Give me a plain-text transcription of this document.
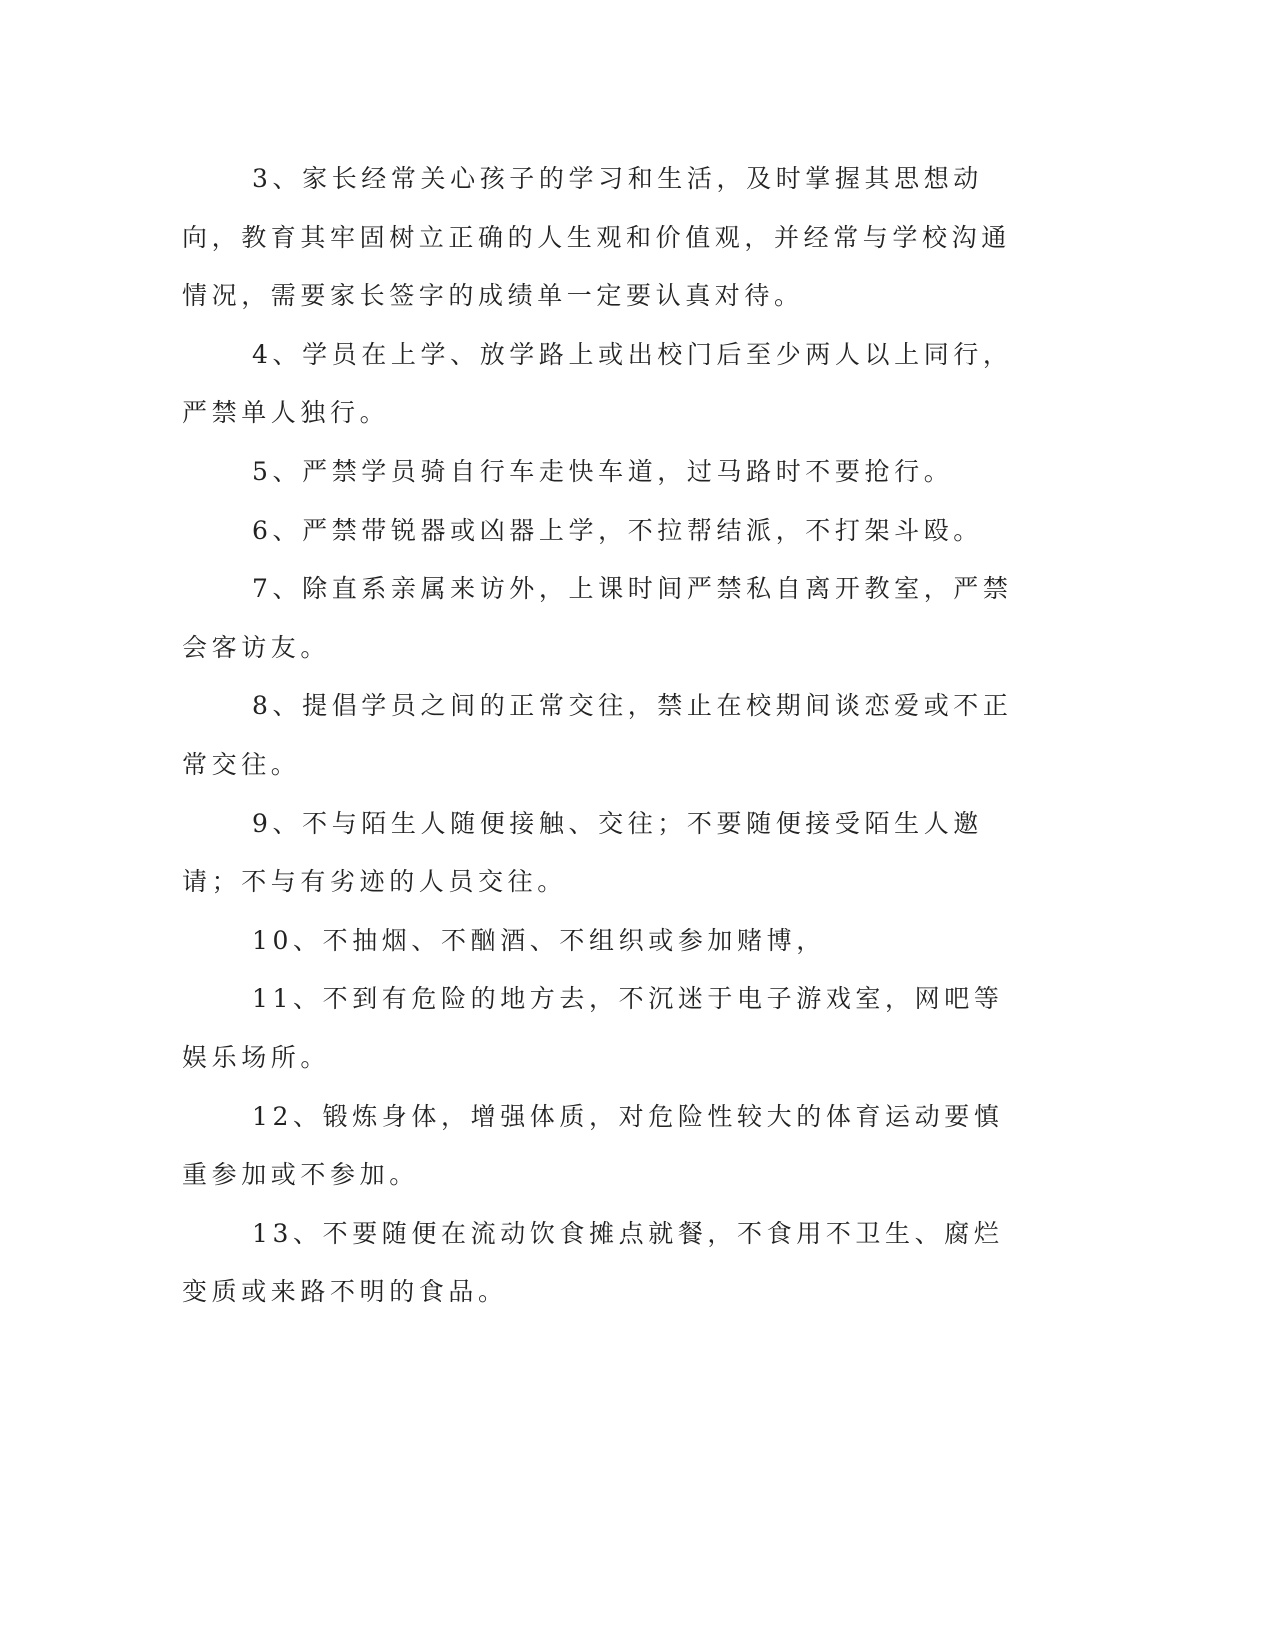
3、家长经常关心孩子的学习和生活，及时掌握其思想动向，教育其牢固树立正确的人生观和价值观，并经常与学校沟通情况，需要家长签字的成绩单一定要认真对待。

4、学员在上学、放学路上或出校门后至少两人以上同行，严禁单人独行。

5、严禁学员骑自行车走快车道，过马路时不要抢行。

6、严禁带锐器或凶器上学，不拉帮结派，不打架斗殴。

7、除直系亲属来访外，上课时间严禁私自离开教室，严禁会客访友。

8、提倡学员之间的正常交往，禁止在校期间谈恋爱或不正常交往。

9、不与陌生人随便接触、交往；不要随便接受陌生人邀请；不与有劣迹的人员交往。

10、不抽烟、不酗酒、不组织或参加赌博，

11、不到有危险的地方去，不沉迷于电子游戏室，网吧等娱乐场所。

12、锻炼身体，增强体质，对危险性较大的体育运动要慎重参加或不参加。

13、不要随便在流动饮食摊点就餐，不食用不卫生、腐烂变质或来路不明的食品。
